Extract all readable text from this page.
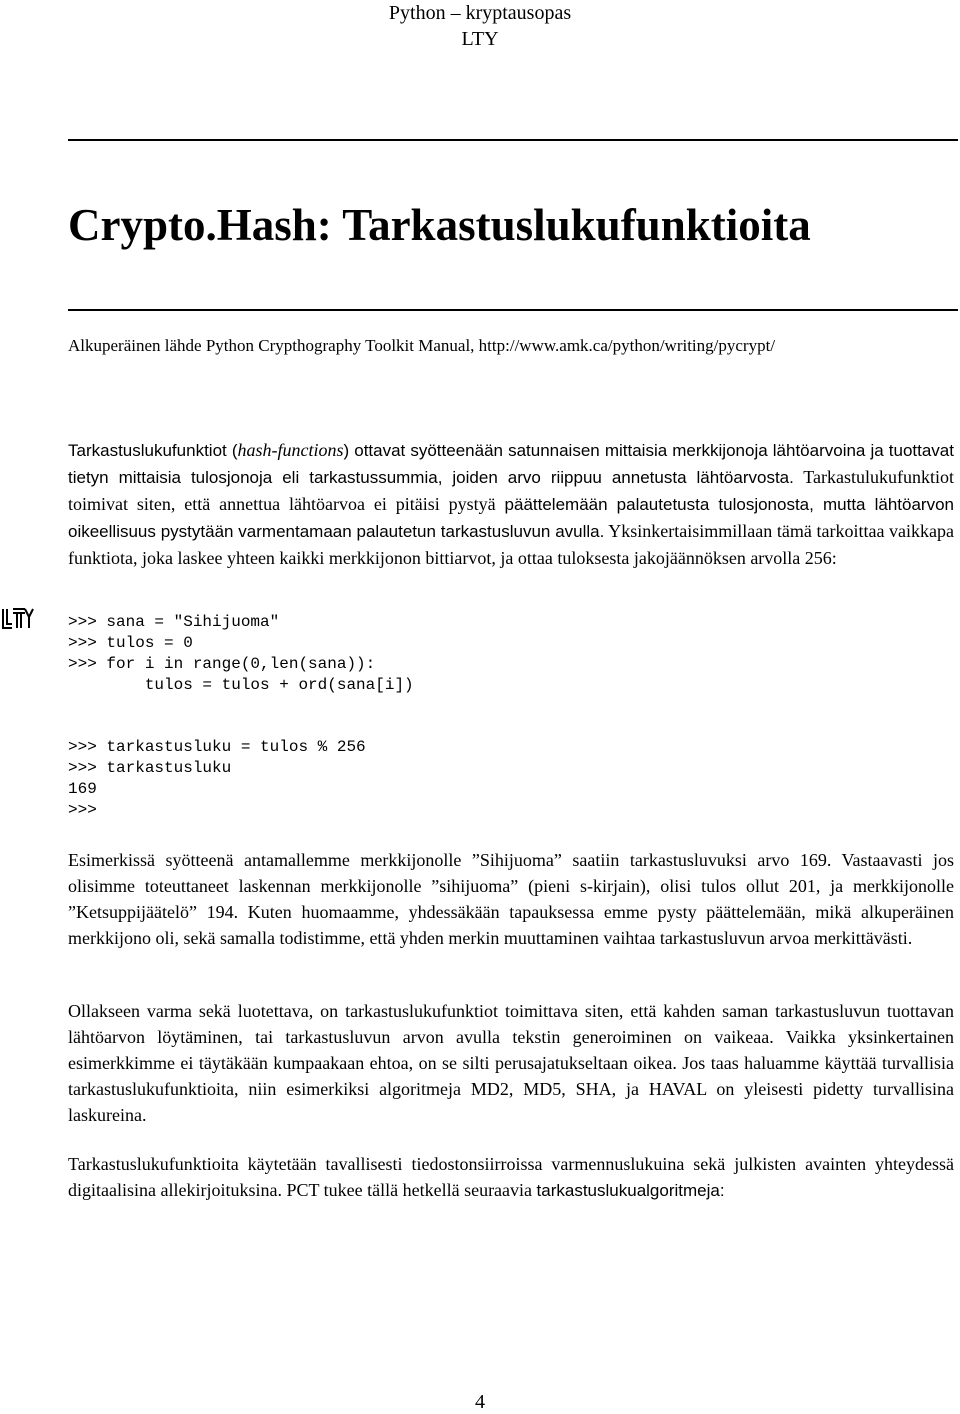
Python – kryptausopas
LTY
Crypto.Hash: Tarkastuslukufunktioita
Alkuperäinen lähde Python Crypthography Toolkit Manual, http://www.amk.ca/python/writing/pycrypt/
Tarkastuslukufunktiot (hash-functions) ottavat syötteenään satunnaisen mittaisia merkkijonoja lähtöarvoina ja tuottavat tietyn mittaisia tulosjonoja eli tarkastussummia, joiden arvo riippuu annetusta lähtöarvosta. Tarkastulukufunktiot toimivat siten, että annettua lähtöarvoa ei pitäisi pystyä päättelemään palautetusta tulosjonosta, mutta lähtöarvon oikeellisuus pystytään varmentamaan palautetun tarkastusluvun avulla. Yksinkertaisimmillaan tämä tarkoittaa vaikkapa funktiota, joka laskee yhteen kaikki merkkijonon bittiarvot, ja ottaa tuloksesta jakojäännöksen arvolla 256:
>>> sana = "Sihijuoma"
>>> tulos = 0
>>> for i in range(0,len(sana)):
tulos = tulos + ord(sana[i])
>>> tarkastusluku = tulos % 256
>>> tarkastusluku
169
>>>
Esimerkissä syötteenä antamallemme merkkijonolle ”Sihijuoma” saatiin tarkastusluvuksi arvo 169. Vastaavasti jos olisimme toteuttaneet laskennan merkkijonolle ”sihijuoma” (pieni s-kirjain), olisi tulos ollut 201, ja merkkijonolle ”Ketsuppijäätelö” 194. Kuten huomaamme, yhdessäkään tapauksessa emme pysty päättelemään, mikä alkuperäinen merkkijono oli, sekä samalla todistimme, että yhden merkin muuttaminen vaihtaa tarkastusluvun arvoa merkittävästi.
Ollakseen varma sekä luotettava, on tarkastuslukufunktiot toimittava siten, että kahden saman tarkastusluvun tuottavan lähtöarvon löytäminen, tai tarkastusluvun arvon avulla tekstin generoiminen on vaikeaa. Vaikka yksinkertainen esimerkkimme ei täytäkään kumpaakaan ehtoa, on se silti perusajatukseltaan oikea. Jos taas haluamme käyttää turvallisia tarkastuslukufunktioita, niin esimerkiksi algoritmeja MD2, MD5, SHA, ja HAVAL on yleisesti pidetty turvallisina laskureina.
Tarkastuslukufunktioita käytetään tavallisesti tiedostonsiirroissa varmennuslukuina sekä julkisten avainten yhteydessä digitaalisina allekirjoituksina. PCT tukee tällä hetkellä seuraavia tarkastuslukualgoritmeja:
4
